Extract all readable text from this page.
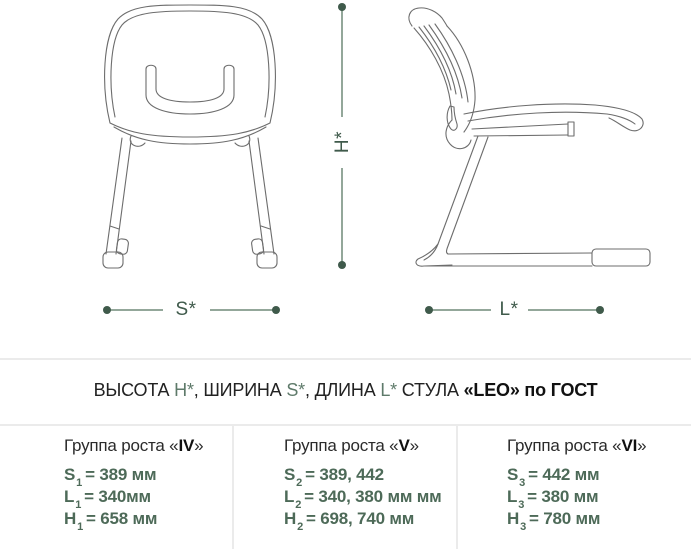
H*
S*	L*
ВЫСОТА H*, ШИРИНА S*, ДЛИНА L* СТУЛА «LEO» по ГОСТ
Группа роста «IV»
$S_1 = 389$ мм
$L_1 = 340мм$
$H_1 = 658$ мм
Группа роста «V»
$S_2 = 389$, 442
$L_2 = 340$, 380 мм мм
$H_2 = 698$, 740 мм
Группа роста «VI»
$S_3 = 442$ мм
$L_3 = 380$ мм
$H_3 = 780$ мм
